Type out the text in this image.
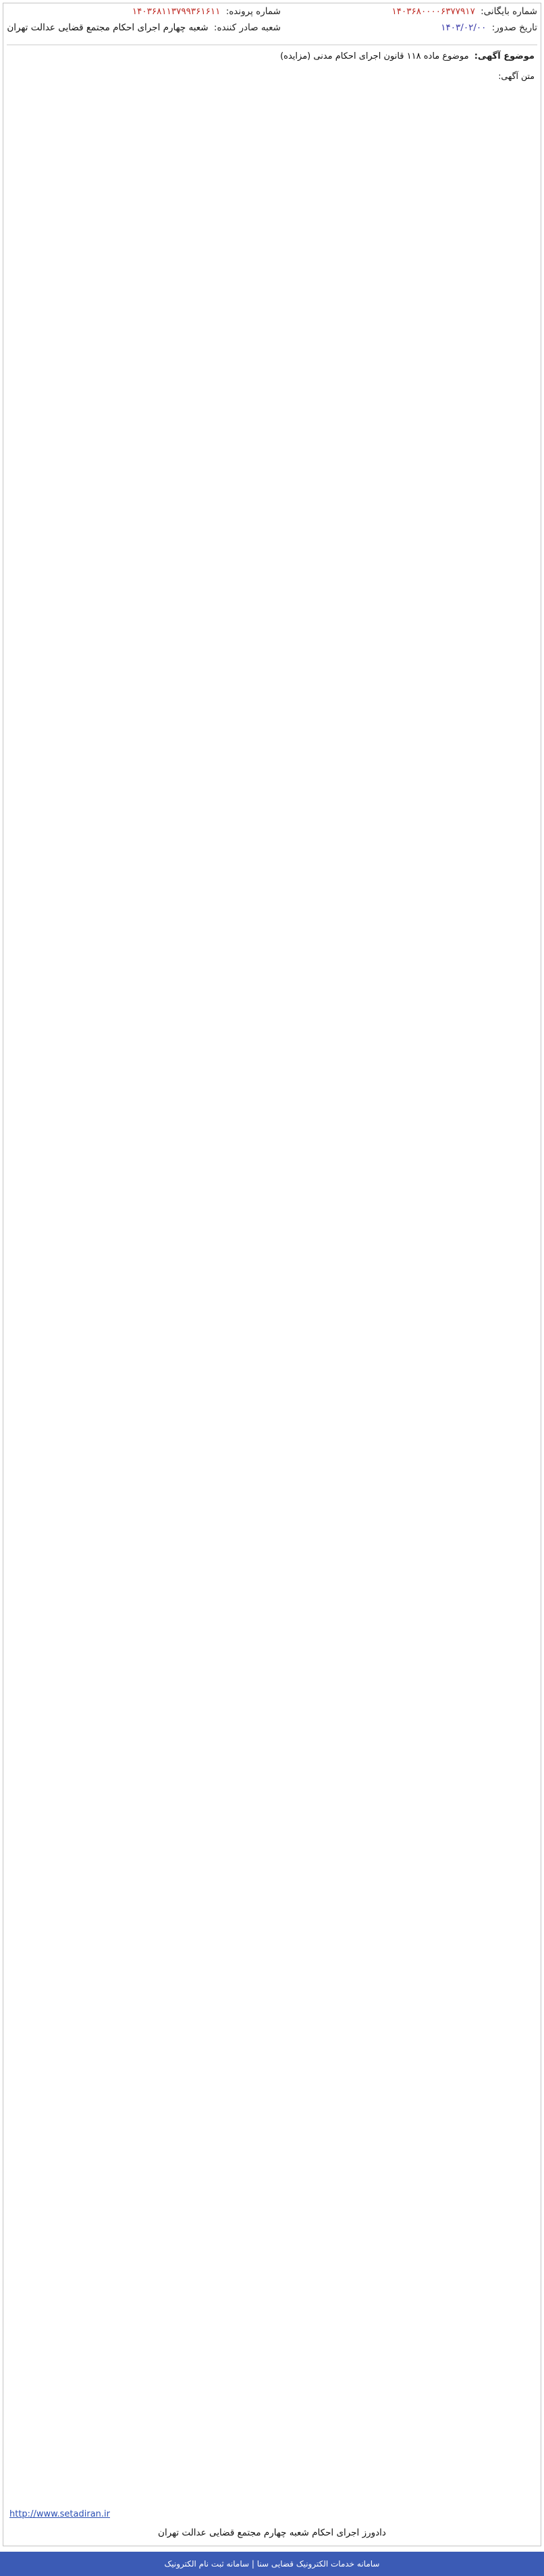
شماره بایگانی: ۱۴۰۳۶۸۰۰۰۰۶۳۷۷۹۱۷
شماره پرونده: ۱۴۰۳۶۸۱۱۳۷۹۹۳۶۱۶۱۱
تاریخ صدور: ۱۴۰۳/۰۲/۰۰
شعبه صادر کننده: شعبه چهارم اجرای احکام مجتمع قضایی عدالت تهران
موضوع آگهی: موضوع ماده ۱۱۸ قانون اجرای احکام مدنی (مزایده)
متن آگهی:
http://www.setadiran.ir
دادورز اجرای احکام شعبه چهارم مجتمع قضایی عدالت تهران
سامانه خدمات الکترونیک قضایی سنا | سامانه ثبت نام الکترونیک
